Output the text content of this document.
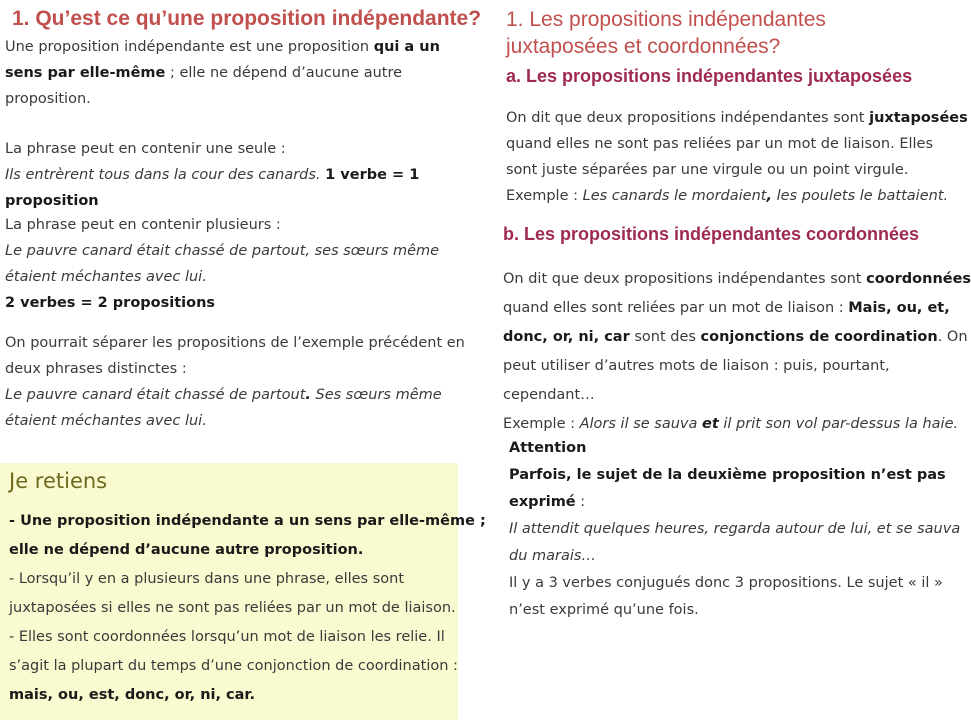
1. Qu’est ce qu’une proposition indépendante?
Une proposition indépendante est une proposition qui a un
sens par elle-même ; elle ne dépend d’aucune autre
proposition.
La phrase peut en contenir une seule :
Ils entrèrent tous dans la cour des canards. 1 verbe = 1
proposition
La phrase peut en contenir plusieurs :
Le pauvre canard était chassé de partout, ses sœurs même
étaient méchantes avec lui.
2 verbes = 2 propositions
On pourrait séparer les propositions de l’exemple précédent en
deux phrases distinctes :
Le pauvre canard était chassé de partout. Ses sœurs même
étaient méchantes avec lui.
Je retiens
- Une proposition indépendante a un sens par elle-même ;
elle ne dépend d’aucune autre proposition.
- Lorsqu’il y en a plusieurs dans une phrase, elles sont
juxtaposées si elles ne sont pas reliées par un mot de liaison.
- Elles sont coordonnées lorsqu’un mot de liaison les relie. Il
s’agit la plupart du temps d’une conjonction de coordination :
mais, ou, est, donc, or, ni, car.
1. Les propositions indépendantes
juxtaposées et coordonnées?
a. Les propositions indépendantes juxtaposées
On dit que deux propositions indépendantes sont juxtaposées
quand elles ne sont pas reliées par un mot de liaison. Elles
sont juste séparées par une virgule ou un point virgule.
Exemple : Les canards le mordaient, les poulets le battaient.
b. Les propositions indépendantes coordonnées
On dit que deux propositions indépendantes sont coordonnées
quand elles sont reliées par un mot de liaison : Mais, ou, et,
donc, or, ni, car sont des conjonctions de coordination. On
peut utiliser d’autres mots de liaison : puis, pourtant,
cependant…
Exemple : Alors il se sauva et il prit son vol par-dessus la haie.
Attention
Parfois, le sujet de la deuxième proposition n’est pas
exprimé :
Il attendit quelques heures, regarda autour de lui, et se sauva
du marais…
Il y a 3 verbes conjugués donc 3 propositions. Le sujet « il »
n’est exprimé qu’une fois.
